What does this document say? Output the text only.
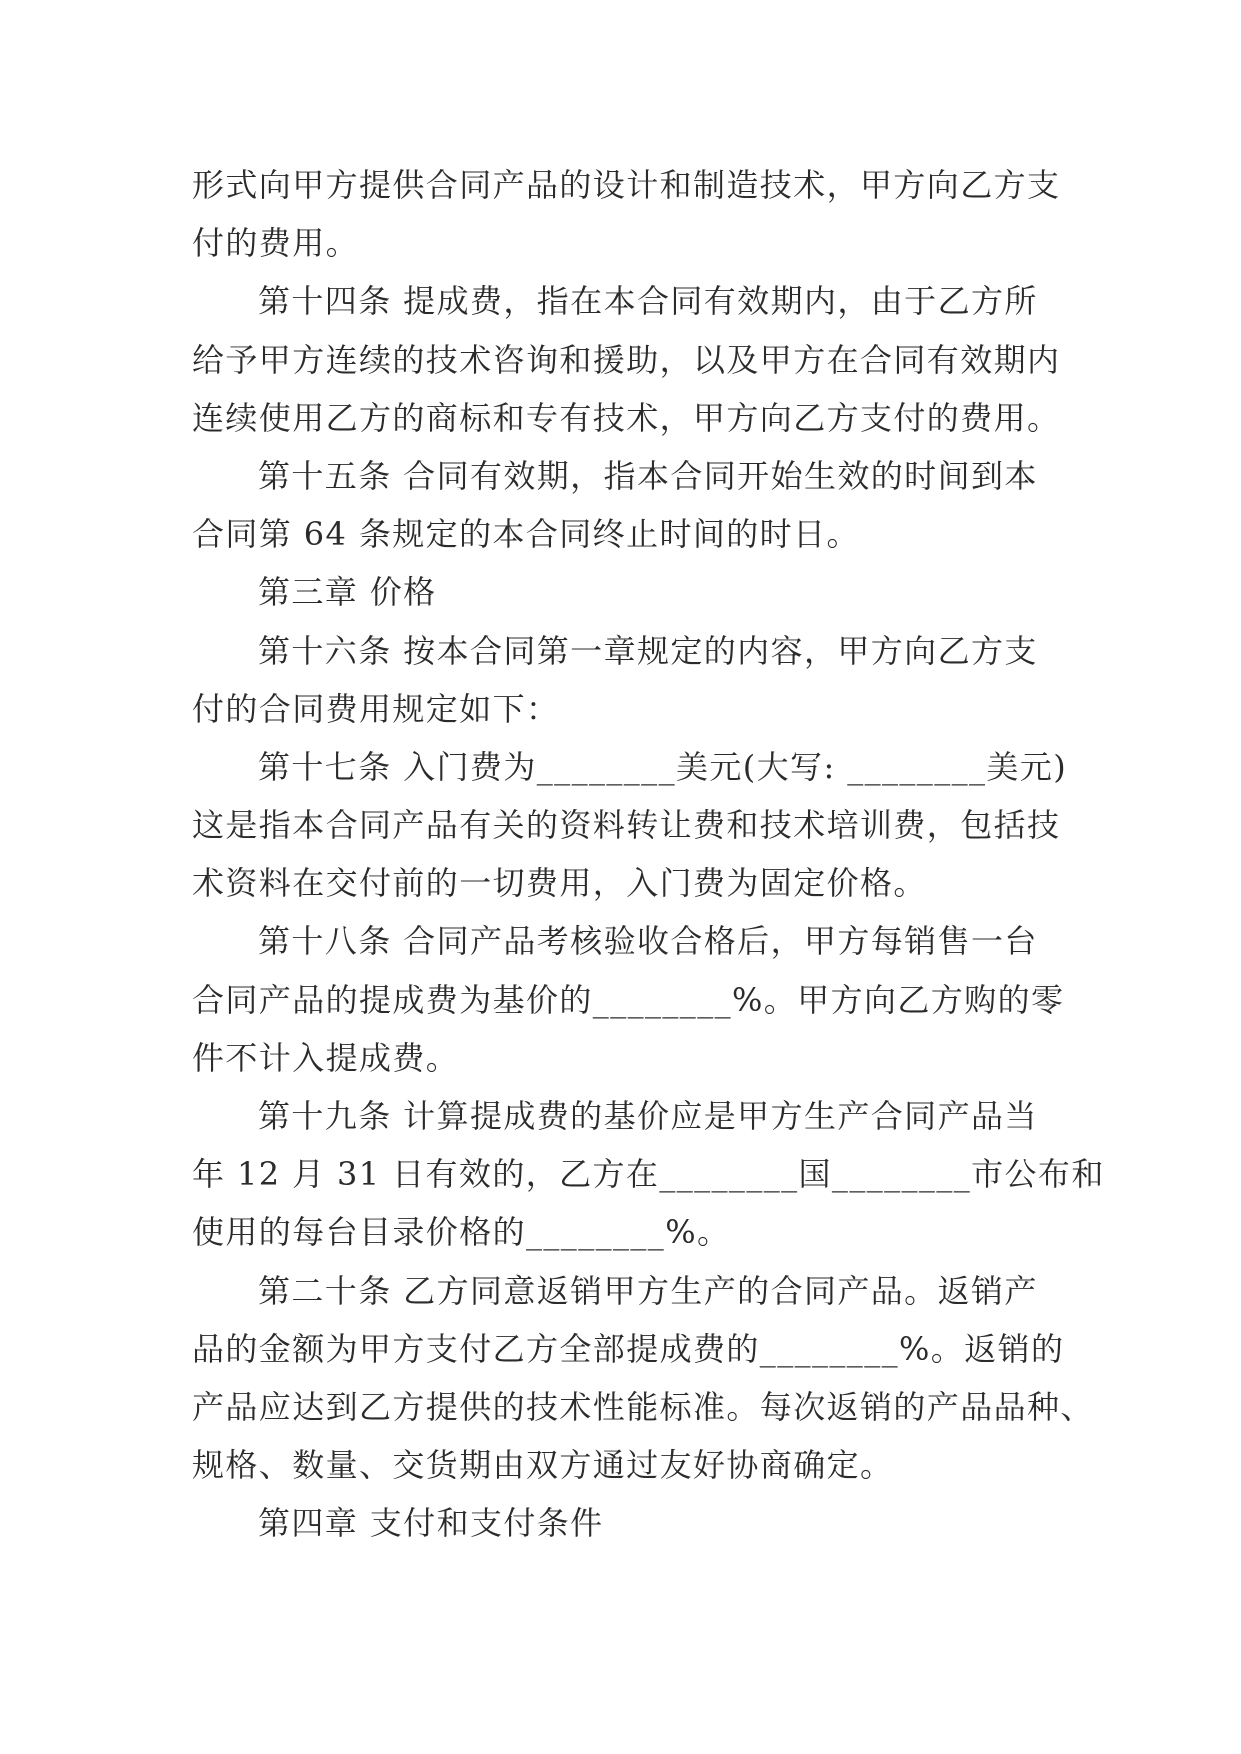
形式向甲方提供合同产品的设计和制造技术，甲方向乙方支
付的费用。
第十四条 提成费，指在本合同有效期内，由于乙方所
给予甲方连续的技术咨询和援助，以及甲方在合同有效期内
连续使用乙方的商标和专有技术，甲方向乙方支付的费用。
第十五条 合同有效期，指本合同开始生效的时间到本
合同第 64 条规定的本合同终止时间的时日。
第三章 价格
第十六条 按本合同第一章规定的内容，甲方向乙方支
付的合同费用规定如下：
第十七条 入门费为________美元(大写: ________美元)
这是指本合同产品有关的资料转让费和技术培训费，包括技
术资料在交付前的一切费用，入门费为固定价格。
第十八条 合同产品考核验收合格后，甲方每销售一台
合同产品的提成费为基价的________%。甲方向乙方购的零
件不计入提成费。
第十九条 计算提成费的基价应是甲方生产合同产品当
年 12 月 31 日有效的，乙方在________国________市公布和
使用的每台目录价格的________%。
第二十条 乙方同意返销甲方生产的合同产品。返销产
品的金额为甲方支付乙方全部提成费的________%。返销的
产品应达到乙方提供的技术性能标准。每次返销的产品品种、
规格、数量、交货期由双方通过友好协商确定。
第四章 支付和支付条件
